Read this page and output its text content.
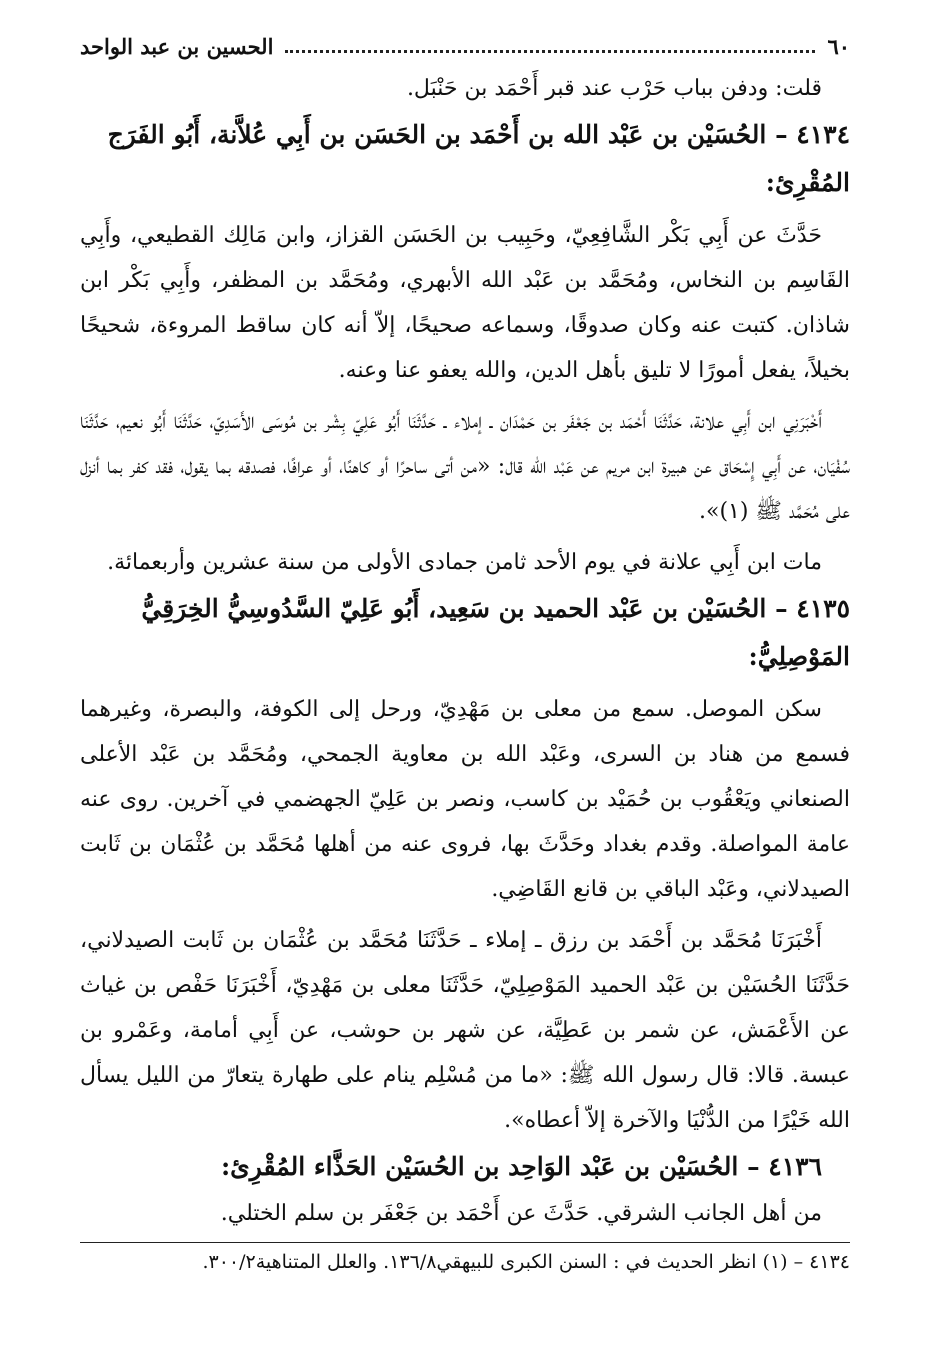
٦٠
الحسين بن عبد الواحد

قلت: ودفن بباب حَرْب عند قبر أَحْمَد بن حَنْبَل.

٤١٣٤ – الحُسَيْن بن عَبْد الله بن أَحْمَد بن الحَسَن بن أَبِي عُلاَّنة، أَبُو الفَرَج المُقْرِئ:

حَدَّثَ عن أَبِي بَكْر الشَّافِعِيّ، وحَبِيب بن الحَسَن القزاز، وابن مَالِك القطيعي، وأَبِي القَاسِم بن النخاس، ومُحَمَّد بن عَبْد الله الأبهري، ومُحَمَّد بن المظفر، وأَبِي بَكْر ابن شاذان. كتبت عنه وكان صدوقًا، وسماعه صحيحًا، إلاّ أنه كان ساقط المروءة، شحيحًا بخيلاً، يفعل أمورًا لا تليق بأهل الدين، والله يعفو عنا وعنه.

أَخْبَرَنِي ابن أَبِي علانة، حَدَّثَنَا أَحْمَد بن جَعْفَر بن حَمْدَان ـ إملاء ـ حَدَّثَنَا أَبُو عَلِيّ بِشْر بن مُوسَى الأَسَدِيّ، حَدَّثَنَا أَبُو نعيم، حَدَّثَنَا سُفْيَان، عن أَبِي إِسْحَاق عن هبيرة ابن مريم عن عَبْد الله قال: «من أتى ساحرًا أو كاهنًا، أو عرافًا، فصدقه بما يقول، فقد كفر بما أنزل على مُحَمَّد ﷺ (١)».

مات ابن أَبِي علانة في يوم الأحد ثامن جمادى الأولى من سنة عشرين وأربعمائة.

٤١٣٥ – الحُسَيْن بن عَبْد الحميد بن سَعِيد، أَبُو عَلِيّ السَّدُوسِيُّ الخِرَقِيُّ المَوْصِلِيُّ:

سكن الموصل. سمع من معلى بن مَهْدِيّ، ورحل إلى الكوفة، والبصرة، وغيرهما فسمع من هناد بن السرى، وعَبْد الله بن معاوية الجمحي، ومُحَمَّد بن عَبْد الأعلى الصنعاني ويَعْقُوب بن حُمَيْد بن كاسب، ونصر بن عَلِيّ الجهضمي في آخرين. روى عنه عامة المواصلة. وقدم بغداد وحَدَّثَ بها، فروى عنه من أهلها مُحَمَّد بن عُثْمَان بن ثَابت الصيدلاني، وعَبْد الباقي بن قانع القَاضِي.

أَخْبَرَنَا مُحَمَّد بن أَحْمَد بن رزق ـ إملاء ـ حَدَّثَنَا مُحَمَّد بن عُثْمَان بن ثَابت الصيدلاني، حَدَّثَنَا الحُسَيْن بن عَبْد الحميد المَوْصِلِيّ، حَدَّثَنَا معلى بن مَهْدِيّ، أَخْبَرَنَا حَفْص بن غياث عن الأَعْمَش، عن شمر بن عَطِيَّة، عن شهر بن حوشب، عن أَبِي أمامة، وعَمْرو بن عبسة. قالا: قال رسول الله ﷺ: «ما من مُسْلِم ينام على طهارة يتعارّ من الليل يسأل الله خَيْرًا من الدُّنْيَا والآخرة إلاّ أعطاه».

٤١٣٦ – الحُسَيْن بن عَبْد الوَاحِد بن الحُسَيْن الحَذَّاء المُقْرِئ:

من أهل الجانب الشرقي. حَدَّثَ عن أَحْمَد بن جَعْفَر بن سلم الختلي.

٤١٣٤ – (١) انظر الحديث في : السنن الكبرى للبيهقي١٣٦/٨. والعلل المتناهية٣٠٠/٢.
